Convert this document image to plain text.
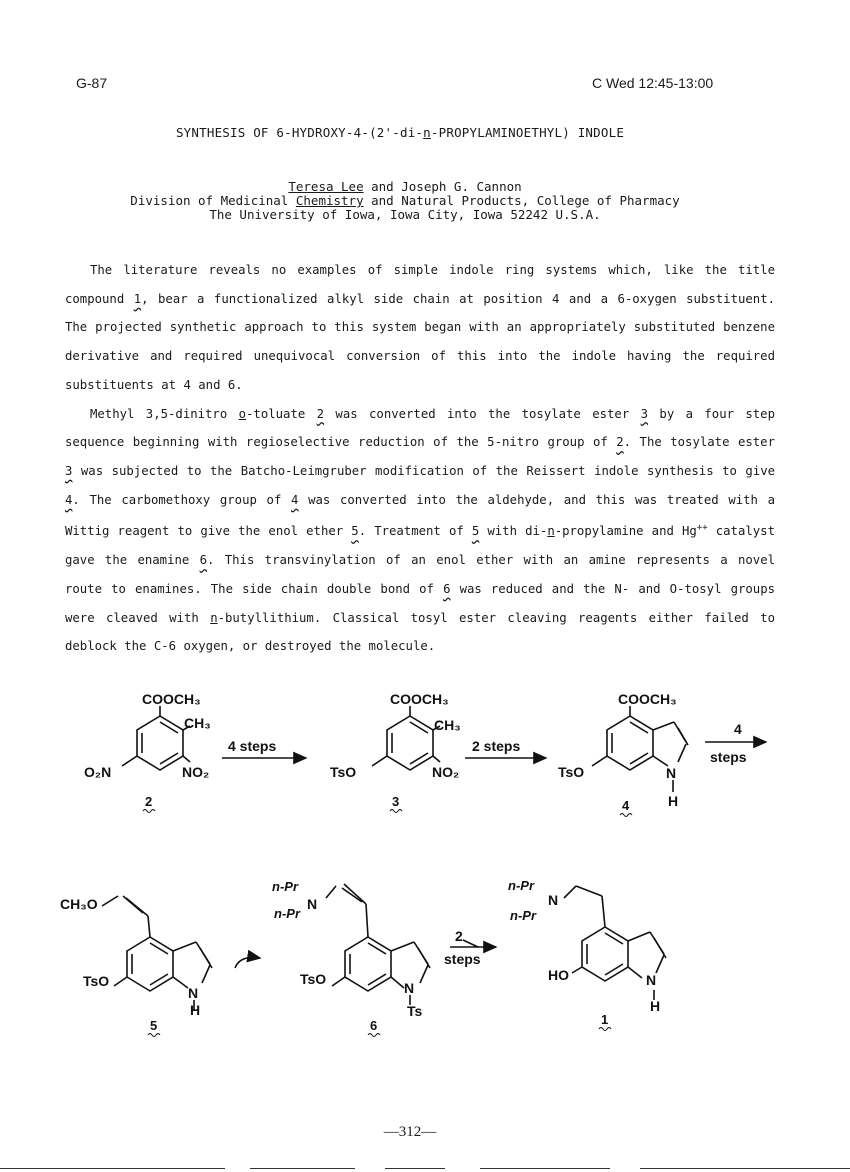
G-87	C Wed 12:45-13:00
SYNTHESIS OF 6-HYDROXY-4-(2'-di-n-PROPYLAMINOETHYL) INDOLE
Teresa Lee and Joseph G. Cannon
Division of Medicinal Chemistry and Natural Products, College of Pharmacy
The University of Iowa, Iowa City, Iowa 52242 U.S.A.

The literature reveals no examples of simple indole ring systems which, like the title compound 1, bear a functionalized alkyl side chain at position 4 and a 6-oxygen substituent. The projected synthetic approach to this system began with an appropriately substituted benzene derivative and required unequivocal conversion of this into the indole having the required substituents at 4 and 6.

Methyl 3,5-dinitro o-toluate 2 was converted into the tosylate ester 3 by a four step sequence beginning with regioselective reduction of the 5-nitro group of 2. The tosylate ester 3 was subjected to the Batcho-Leimgruber modification of the Reissert indole synthesis to give 4. The carbomethoxy group of 4 was converted into the aldehyde, and this was treated with a Wittig reagent to give the enol ether 5. Treatment of 5 with di-n-propylamine and Hg++ catalyst gave the enamine 6. This transvinylation of an enol ether with an amine represents a novel route to enamines. The side chain double bond of 6 was reduced and the N- and O-tosyl groups were cleaved with n-butyllithium. Classical tosyl ester cleaving reagents either failed to deblock the C-6 oxygen, or destroyed the molecule.

COOCH₃
CH₃
NO₂
O₂N
2
4 steps
COOCH₃
CH₃
NO₂
TsO
3
2 steps
COOCH₃
N
H
TsO
4
4
steps
CH₃O
TsO
N
H
5
n-Pr
N
n-Pr
TsO
N
Ts
6
2
steps
n-Pr
N
n-Pr
HO	N
H
1
—312—
